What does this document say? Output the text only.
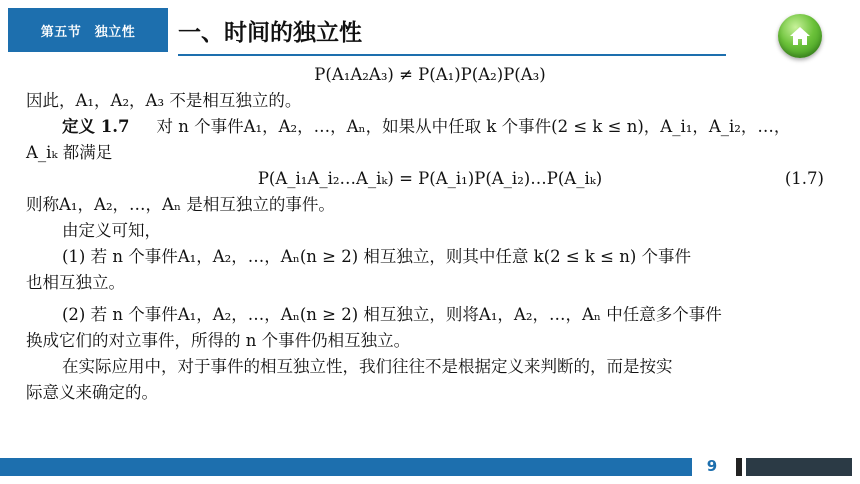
第五节　独立性	一、时间的独立性
P(A₁A₂A₃) ≠ P(A₁)P(A₂)P(A₃)
因此，A₁，A₂，A₃ 不是相互独立的。
定义 1.7 　 对 n 个事件A₁，A₂，…，Aₙ，如果从中任取 k 个事件(2 ≤ k ≤ n)，A_i₁，A_i₂，…，
A_iₖ 都满足
P(A_i₁A_i₂…A_iₖ) = P(A_i₁)P(A_i₂)…P(A_iₖ)	(1.7)
则称A₁，A₂，…，Aₙ 是相互独立的事件。
由定义可知，
(1) 若 n 个事件A₁，A₂，…，Aₙ(n ≥ 2) 相互独立，则其中任意 k(2 ≤ k ≤ n) 个事件
也相互独立。
(2) 若 n 个事件A₁，A₂，…，Aₙ(n ≥ 2) 相互独立，则将A₁，A₂，…，Aₙ 中任意多个事件
换成它们的对立事件，所得的 n 个事件仍相互独立。
在实际应用中，对于事件的相互独立性，我们往往不是根据定义来判断的，而是按实
际意义来确定的。
9
